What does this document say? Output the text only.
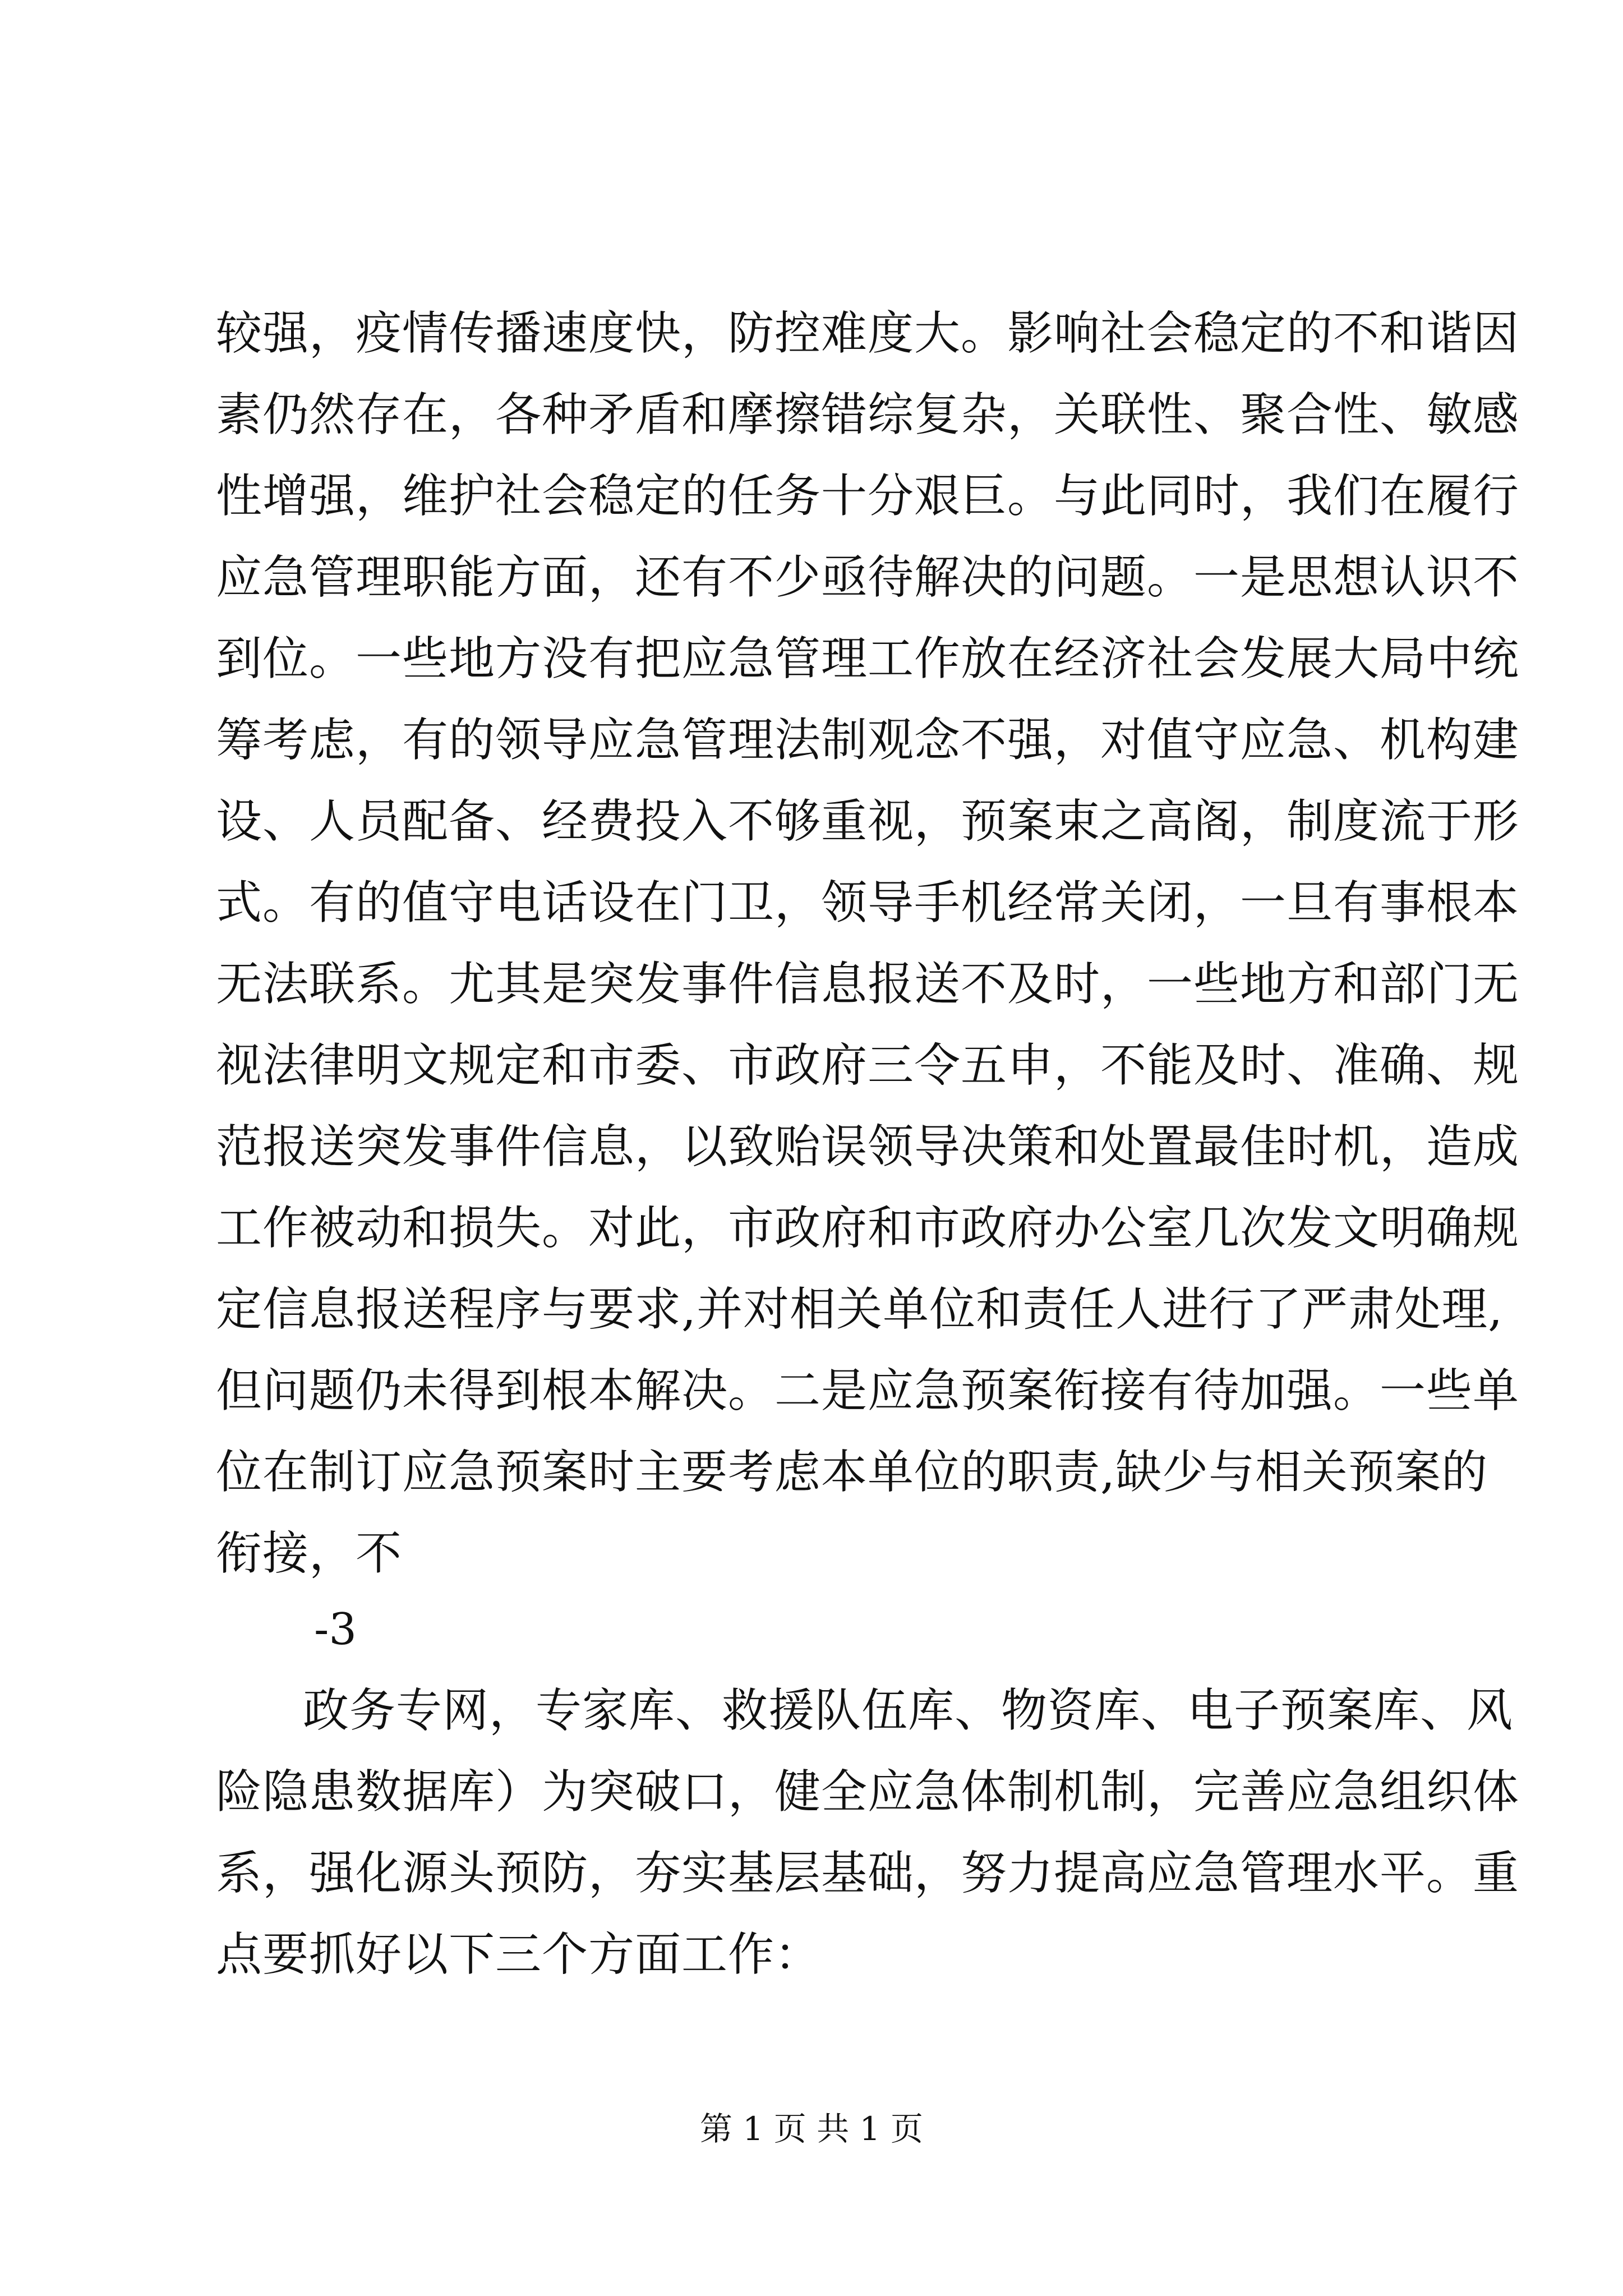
较强，疫情传播速度快，防控难度大。影响社会稳定的不和谐因
素仍然存在，各种矛盾和摩擦错综复杂，关联性、聚合性、敏感
性增强，维护社会稳定的任务十分艰巨。与此同时，我们在履行
应急管理职能方面，还有不少亟待解决的问题。一是思想认识不
到位。一些地方没有把应急管理工作放在经济社会发展大局中统
筹考虑，有的领导应急管理法制观念不强，对值守应急、机构建
设、人员配备、经费投入不够重视，预案束之高阁，制度流于形
式。有的值守电话设在门卫，领导手机经常关闭，一旦有事根本
无法联系。尤其是突发事件信息报送不及时，一些地方和部门无
视法律明文规定和市委、市政府三令五申，不能及时、准确、规
范报送突发事件信息，以致贻误领导决策和处置最佳时机，造成
工作被动和损失。对此，市政府和市政府办公室几次发文明确规
定信息报送程序与要求,并对相关单位和责任人进行了严肃处理,
但问题仍未得到根本解决。二是应急预案衔接有待加强。一些单
位在制订应急预案时主要考虑本单位的职责,缺少与相关预案的
衔接，不
-3
政务专网，专家库、救援队伍库、物资库、电子预案库、风
险隐患数据库）为突破口，健全应急体制机制，完善应急组织体
系，强化源头预防，夯实基层基础，努力提高应急管理水平。重
点要抓好以下三个方面工作：
第 1 页 共 1 页
